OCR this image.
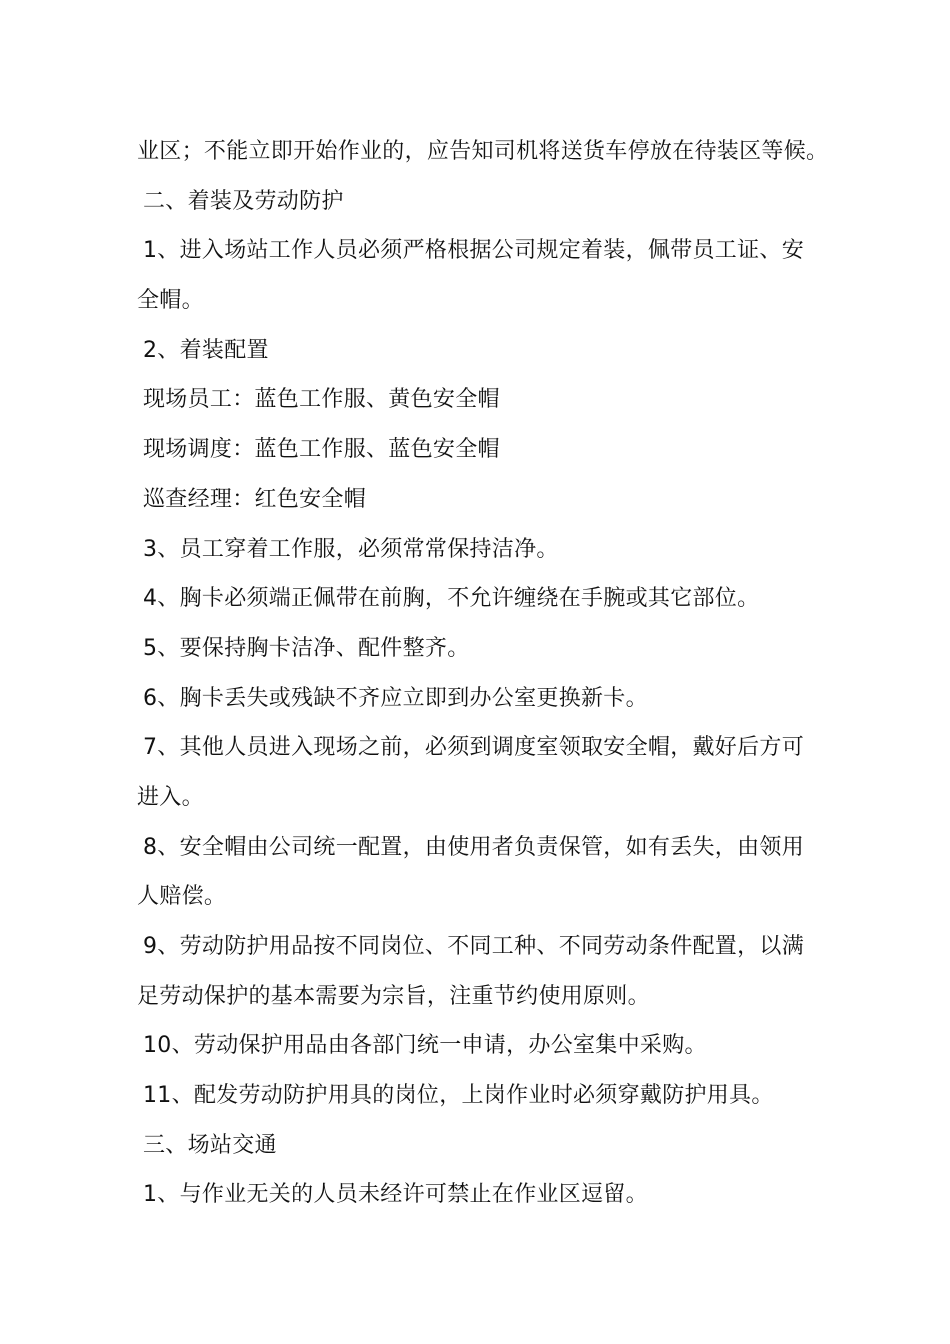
业区；不能立即开始作业的，应告知司机将送货车停放在待装区等候。
二、着装及劳动防护
1、进入场站工作人员必须严格根据公司规定着装，佩带员工证、安
全帽。
2、着装配置
现场员工：蓝色工作服、黄色安全帽
现场调度：蓝色工作服、蓝色安全帽
巡查经理：红色安全帽
3、员工穿着工作服，必须常常保持洁净。
4、胸卡必须端正佩带在前胸，不允许缠绕在手腕或其它部位。
5、要保持胸卡洁净、配件整齐。
6、胸卡丢失或残缺不齐应立即到办公室更换新卡。
7、其他人员进入现场之前，必须到调度室领取安全帽，戴好后方可
进入。
8、安全帽由公司统一配置，由使用者负责保管，如有丢失，由领用
人赔偿。
9、劳动防护用品按不同岗位、不同工种、不同劳动条件配置，以满
足劳动保护的基本需要为宗旨，注重节约使用原则。
10、劳动保护用品由各部门统一申请，办公室集中采购。
11、配发劳动防护用具的岗位，上岗作业时必须穿戴防护用具。
三、场站交通
1、与作业无关的人员未经许可禁止在作业区逗留。
